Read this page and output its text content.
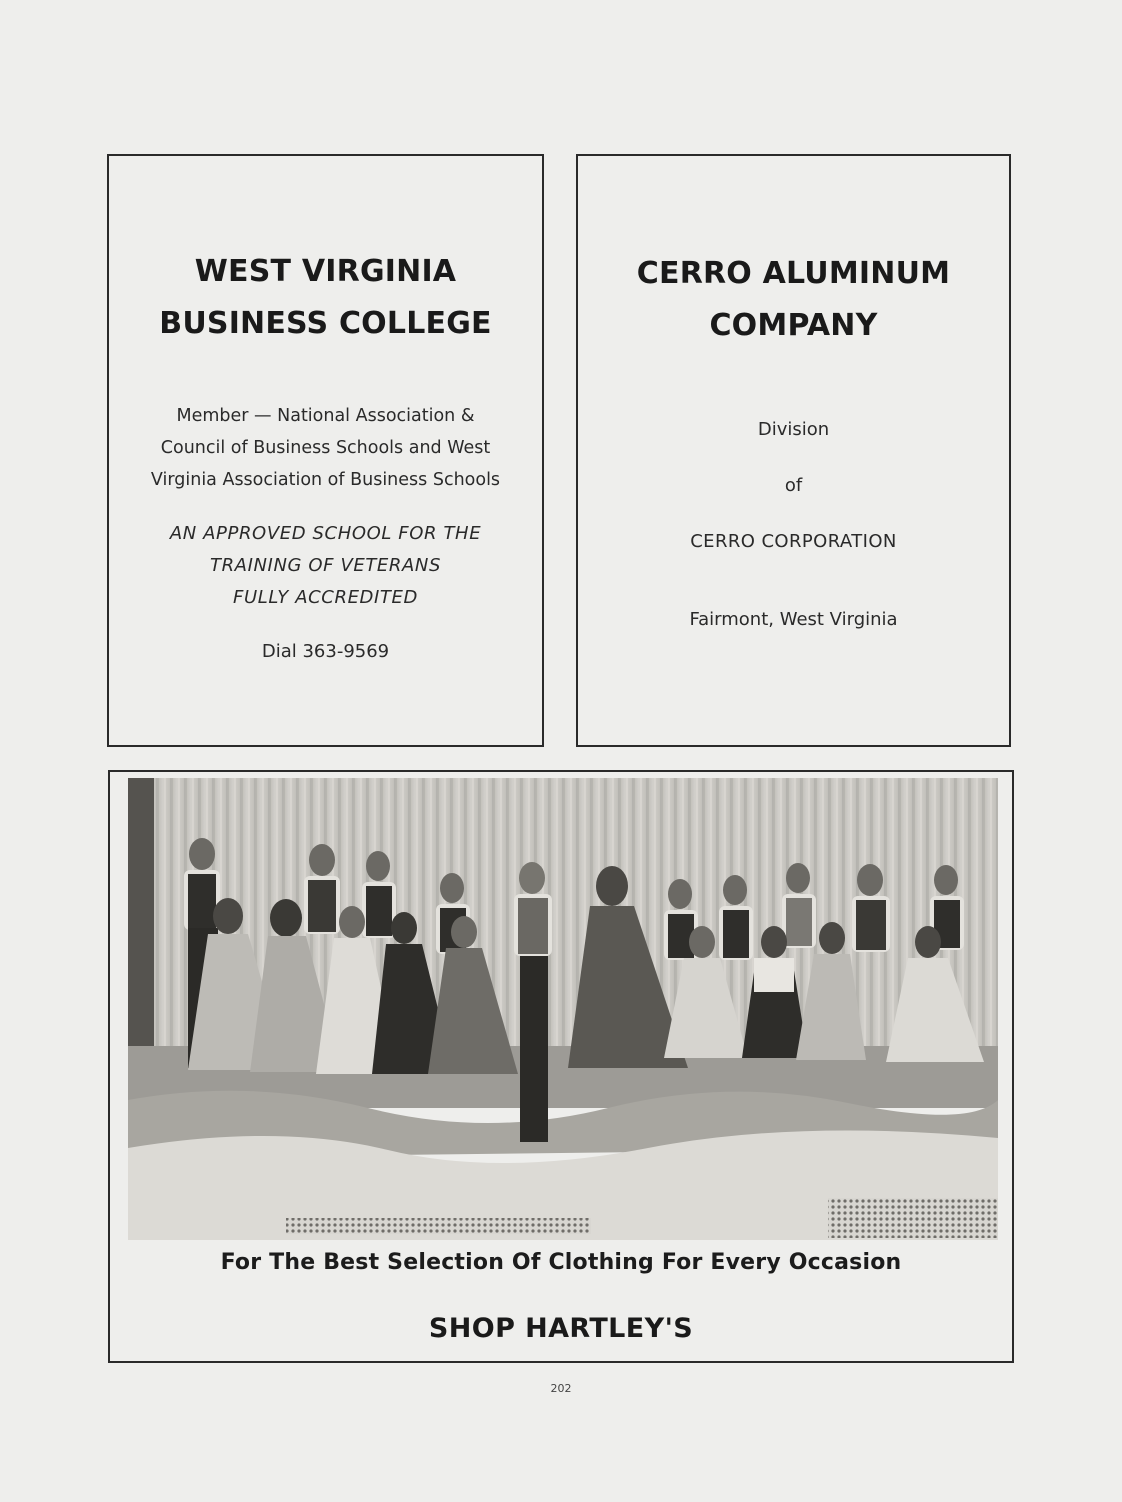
WEST VIRGINIA
BUSINESS COLLEGE
Member — National Association &
Council of Business Schools and West
Virginia Association of Business Schools
AN APPROVED SCHOOL FOR THE
TRAINING OF VETERANS
FULLY ACCREDITED
Dial 363-9569
CERRO ALUMINUM
COMPANY
Division
of
CERRO CORPORATION
Fairmont, West Virginia
For The Best Selection Of Clothing For Every Occasion
SHOP HARTLEY'S
202
